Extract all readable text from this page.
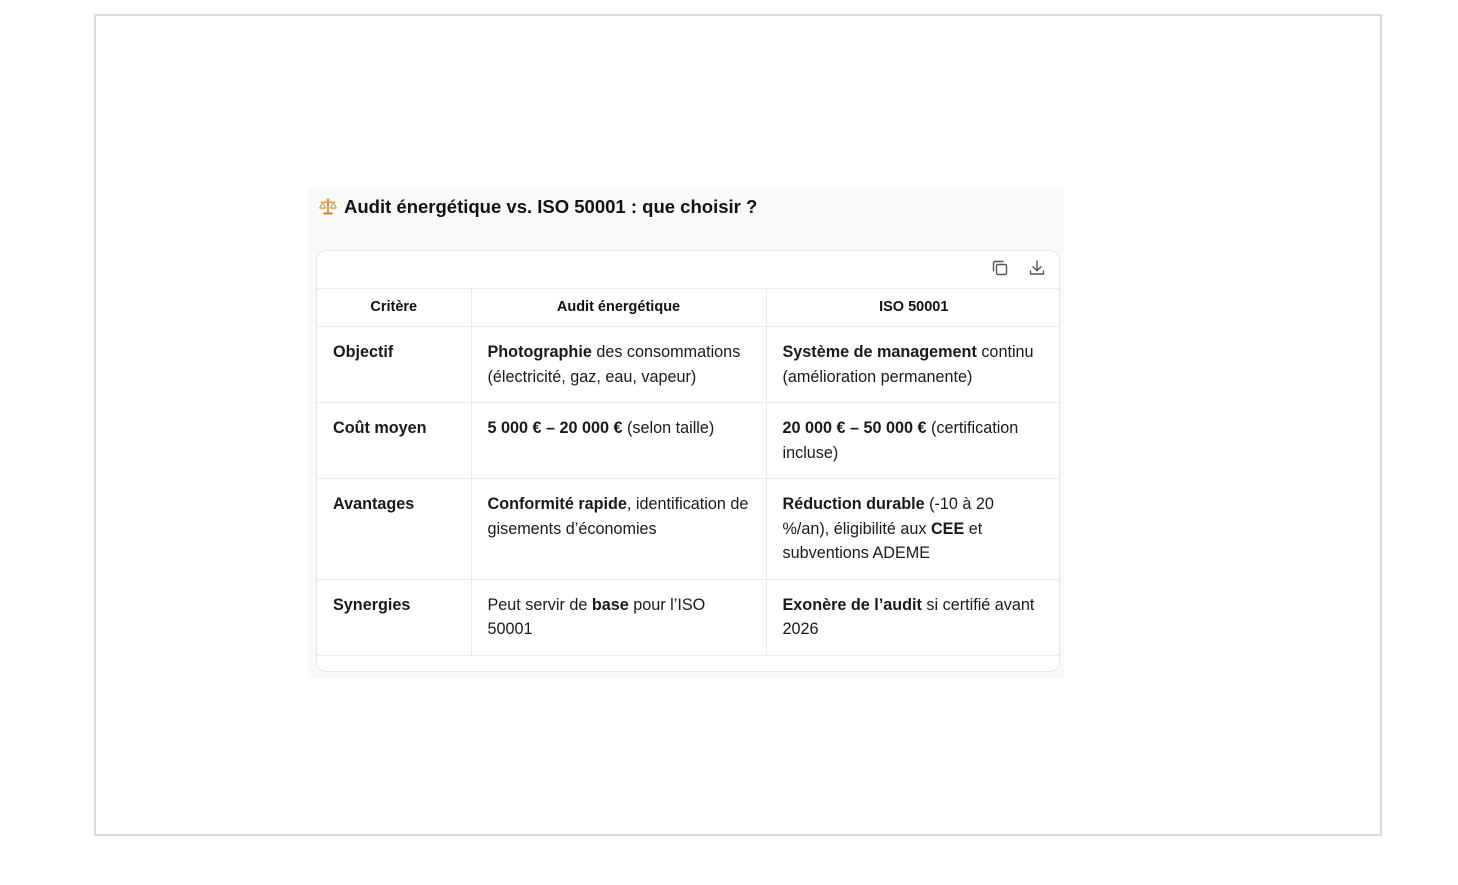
Audit énergétique vs. ISO 50001 : que choisir ?
Critère	Audit énergétique	ISO 50001
Objectif	Photographie des consommations (électricité, gaz, eau, vapeur)	Système de management continu (amélioration permanente)
Coût moyen	5 000 € – 20 000 € (selon taille)	20 000 € – 50 000 € (certification incluse)
Avantages	Conformité rapide, identification de gisements d’économies	Réduction durable (-10 à 20 %/an), éligibilité aux CEE et subventions ADEME
Synergies	Peut servir de base pour l’ISO 50001	Exonère de l’audit si certifié avant 2026
